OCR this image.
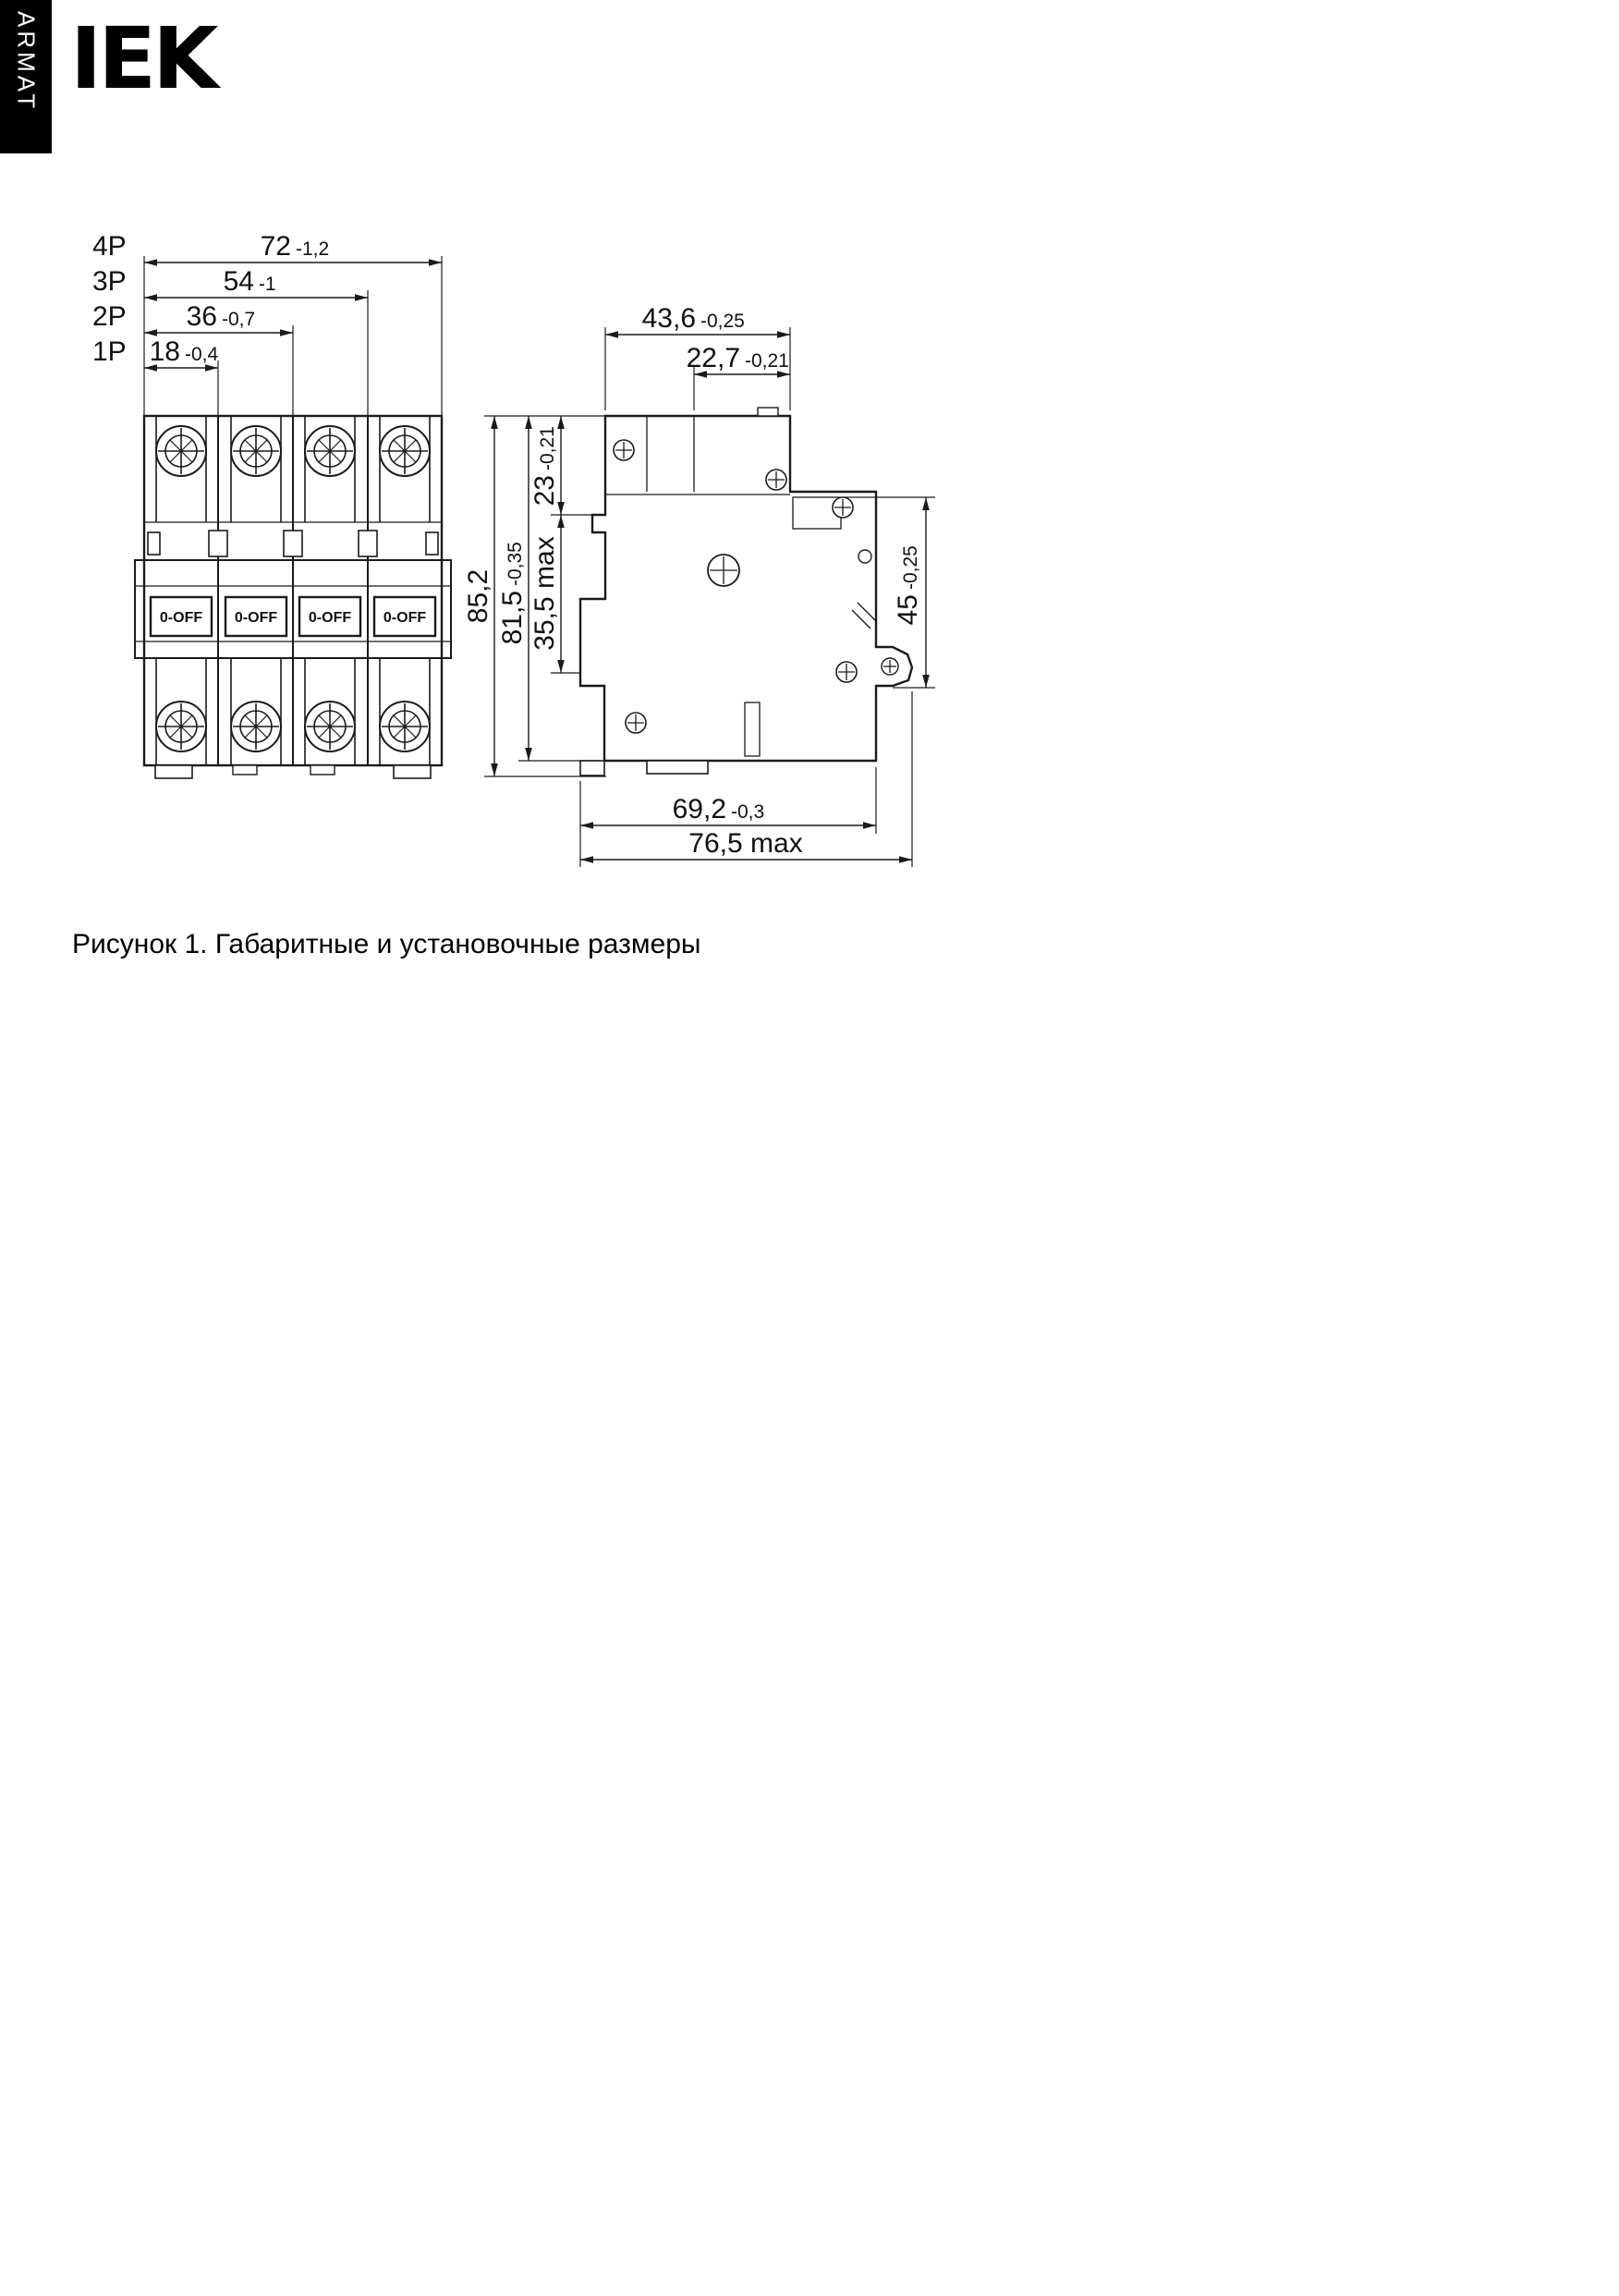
ARMAT IEK
0-OFF 0-OFF 0-OFF 0-OFF
4P	72 -1,2
3P	54 -1
2P 36 -0,7
1P 18 -0,4
43,6 -0,25
22,7 -0,21
85,2 81,5
-0,35
23
-0,21
35,5 max	45
-0,25
69,2 -0,3
76,5 max
Рисунок 1. Габаритные и установочные размеры
